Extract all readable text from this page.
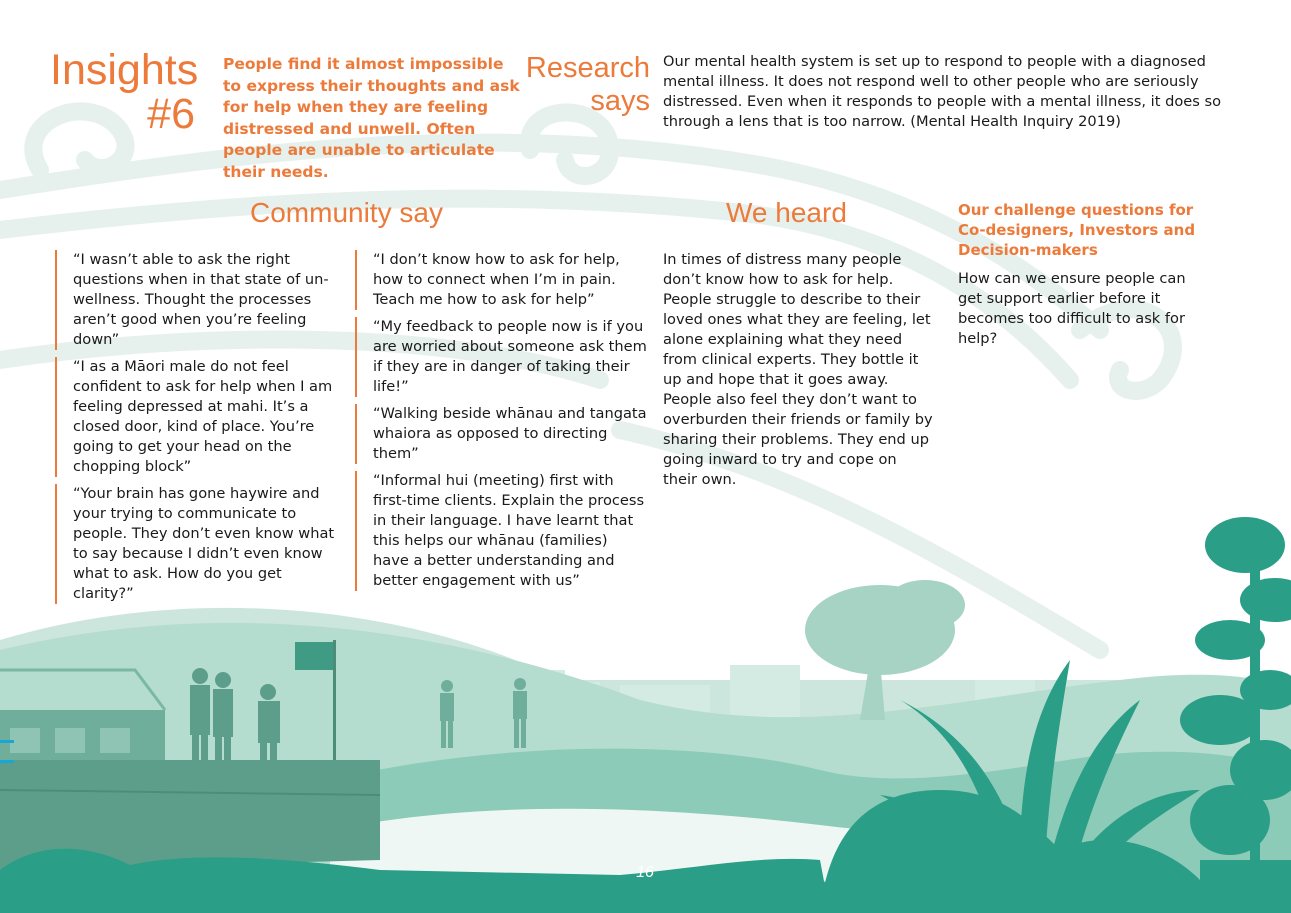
Insights
#6

People find it almost impossible to express their thoughts and ask for help when they are feeling distressed and unwell. Often people are unable to articulate their needs.

Research
says

Our mental health system is set up to respond to people with a diagnosed mental illness. It does not respond well to other people who are seriously distressed. Even when it responds to people with a mental illness, it does so through a lens that is too narrow. (Mental Health Inquiry 2019)

Community say	We heard	Our challenge questions for Co-designers, Investors and Decision-makers

“I wasn’t able to ask the right questions when in that state of un-wellness. Thought the processes aren’t good when you’re feeling down”

“I as a Māori male do not feel confident to ask for help when I am feeling depressed at mahi. It’s a closed door, kind of place. You’re going to get your head on the chopping block”

“Your brain has gone haywire and your trying to communicate to people. They don’t even know what to say because I didn’t even know what to ask. How do you get clarity?”

“I don’t know how to ask for help, how to connect when I’m in pain. Teach me how to ask for help”

“My feedback to people now is if you are worried about someone ask them if they are in danger of taking their life!”

“Walking beside whānau and tangata whaiora as opposed to directing them”

“Informal hui (meeting) first with first-time clients. Explain the process in their language. I have learnt that this helps our whānau (families) have a better understanding and better engagement with us”

In times of distress many people don’t know how to ask for help. People struggle to describe to their loved ones what they are feeling, let alone explaining what they need from clinical experts. They bottle it up and hope that it goes away. People also feel they don’t want to overburden their friends or family by sharing their problems. They end up going inward to try and cope on their own.

How can we ensure people can get support earlier before it becomes too difficult to ask for help?

16
